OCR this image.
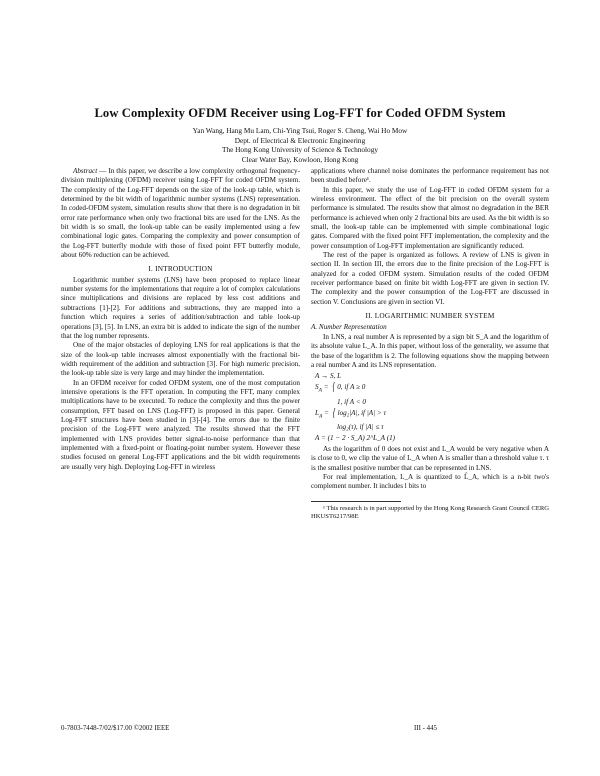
Low Complexity OFDM Receiver using Log-FFT for Coded OFDM System
Yan Wang, Hang Mu Lam, Chi-Ying Tsui, Roger S. Cheng, Wai Ho Mow
Dept. of Electrical & Electronic Engineering
The Hong Kong University of Science & Technology
Clear Water Bay, Kowloon, Hong Kong

Abstract — In this paper, we describe a low complexity orthogonal frequency-division multiplexing (OFDM) receiver using Log-FFT for coded OFDM system. The complexity of the Log-FFT depends on the size of the look-up table, which is determined by the bit width of logarithmic number systems (LNS) representation. In coded-OFDM system, simulation results show that there is no degradation in bit error rate performance when only two fractional bits are used for the LNS. As the bit width is so small, the look-up table can be easily implemented using a few combinational logic gates. Comparing the complexity and power consumption of the Log-FFT butterfly module with those of fixed point FFT butterfly module, about 60% reduction can be achieved.

I. INTRODUCTION

Logarithmic number systems (LNS) have been proposed to replace linear number systems for the implementations that require a lot of complex calculations since multiplications and divisions are replaced by less cost additions and subtractions [1]-[2]. For additions and subtractions, they are mapped into a function which requires a series of addition/subtraction and table look-up operations [3], [5]. In LNS, an extra bit is added to indicate the sign of the number that the log number represents.

One of the major obstacles of deploying LNS for real applications is that the size of the look-up table increases almost exponentially with the fractional bit-width requirement of the addition and subtraction [3]. For high numeric precision, the look-up table size is very large and may hinder the implementation.

In an OFDM receiver for coded OFDM system, one of the most computation intensive operations is the FFT operation. In computing the FFT, many complex multiplications have to be executed. To reduce the complexity and thus the power consumption, FFT based on LNS (Log-FFT) is proposed in this paper. General Log-FFT structures have been studied in [3]-[4]. The errors due to the finite precision of the Log-FFT were analyzed. The results showed that the FFT implemented with LNS provides better signal-to-noise performance than that implemented with a fixed-point or floating-point number system. However these studies focused on general Log-FFT applications and the bit width requirements are usually very high. Deploying Log-FFT in wireless

applications where channel noise dominates the performance requirement has not been studied before¹.

In this paper, we study the use of Log-FFT in coded OFDM system for a wireless environment. The effect of the bit precision on the overall system performance is simulated. The results show that almost no degradation in the BER performance is achieved when only 2 fractional bits are used. As the bit width is so small, the look-up table can be implemented with simple combinational logic gates. Compared with the fixed point FFT implementation, the complexity and the power consumption of Log-FFT implementation are significantly reduced.

The rest of the paper is organized as follows. A review of LNS is given in section II. In section III, the errors due to the finite precision of the Log-FFT is analyzed for a coded OFDM system. Simulation results of the coded OFDM receiver performance based on finite bit width Log-FFT are given in section IV. The complexity and the power consumption of the Log-FFT are discussed in section V. Conclusions are given in section VI.

II. LOGARITHMIC NUMBER SYSTEM
A. Number Representation

In LNS, a real number A is represented by a sign bit S_A and the logarithm of its absolute value L_A. In this paper, without loss of the generality, we assume that the base of the logarithm is 2. The following equations show the mapping between a real number A and its LNS representation.

A → S, L
$S_A$ = { 0, if A ≥ 0
1, if A < 0
$L_A$ = { log₂|A|, if |A| > τ
log₂(τ), if |A| ≤ τ
A = (1 − 2 · S_A) 2^L_A (1)

As the logarithm of 0 does not exist and L_A would be very negative when A is close to 0, we clip the value of L_A when A is smaller than a threshold value τ. τ is the smallest positive number that can be represented in LNS.

For real implementation, L_A is quantized to L̂_A, which is a n-bit two's complement number. It includes l bits to

¹ This research is in part supported by the Hong Kong Research Grant Council CERG HKUST6217/98E
0-7803-7448-7/02/$17.00 ©2002 IEEE	III - 445
